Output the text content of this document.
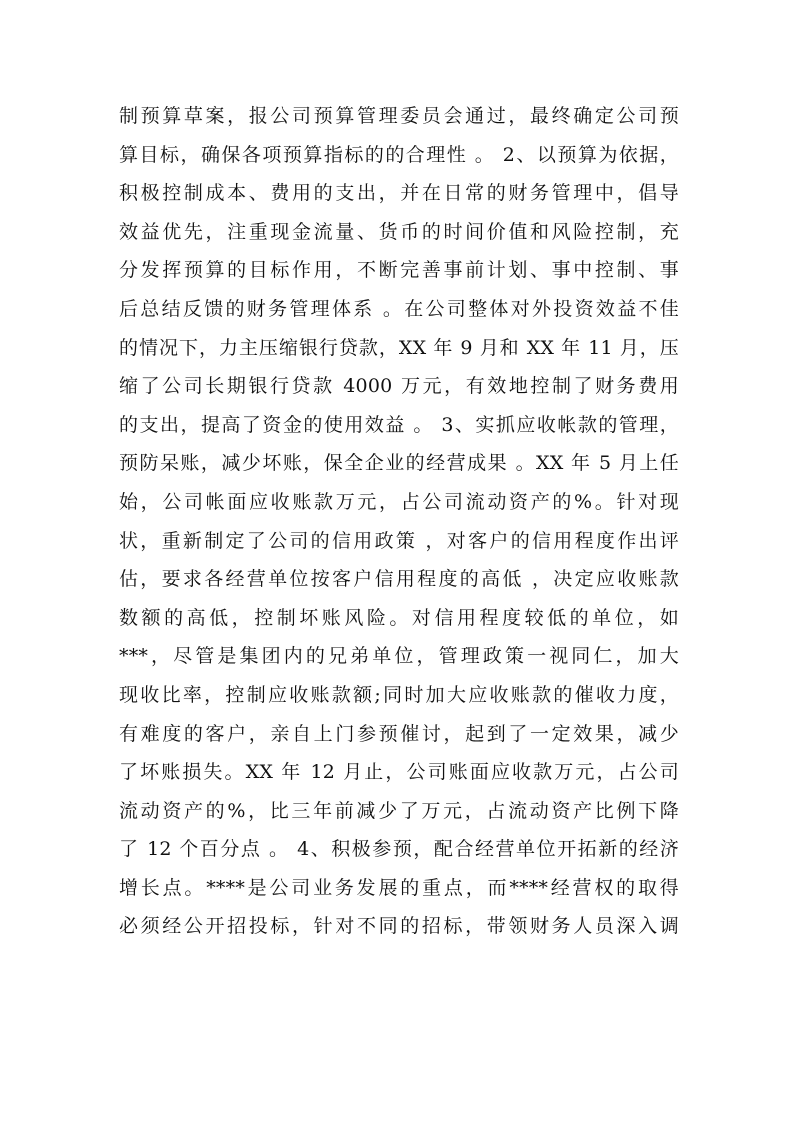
制预算草案，报公司预算管理委员会通过，最终确定公司预
算目标，确保各项预算指标的的合理性 。 2、以预算为依据，
积极控制成本、费用的支出，并在日常的财务管理中，倡导
效益优先，注重现金流量、货币的时间价值和风险控制，充
分发挥预算的目标作用，不断完善事前计划、事中控制、事
后总结反馈的财务管理体系 。在公司整体对外投资效益不佳
的情况下，力主压缩银行贷款，XX 年 9 月和 XX 年 11 月，压
缩了公司长期银行贷款 4000 万元，有效地控制了财务费用
的支出，提高了资金的使用效益 。 3、实抓应收帐款的管理，
预防呆账，减少坏账，保全企业的经营成果 。XX 年 5 月上任
始，公司帐面应收账款万元，占公司流动资产的%。针对现
状，重新制定了公司的信用政策 ，对客户的信用程度作出评
估，要求各经营单位按客户信用程度的高低 ，决定应收账款
数额的高低，控制坏账风险。对信用程度较低的单位，如
***，尽管是集团内的兄弟单位，管理政策一视同仁，加大
现收比率，控制应收账款额;同时加大应收账款的催收力度，
有难度的客户，亲自上门参预催讨，起到了一定效果，减少
了坏账损失。XX 年 12 月止，公司账面应收款万元，占公司
流动资产的%，比三年前减少了万元，占流动资产比例下降
了 12 个百分点 。 4、积极参预，配合经营单位开拓新的经济
增长点。****是公司业务发展的重点，而****经营权的取得
必须经公开招投标，针对不同的招标，带领财务人员深入调
